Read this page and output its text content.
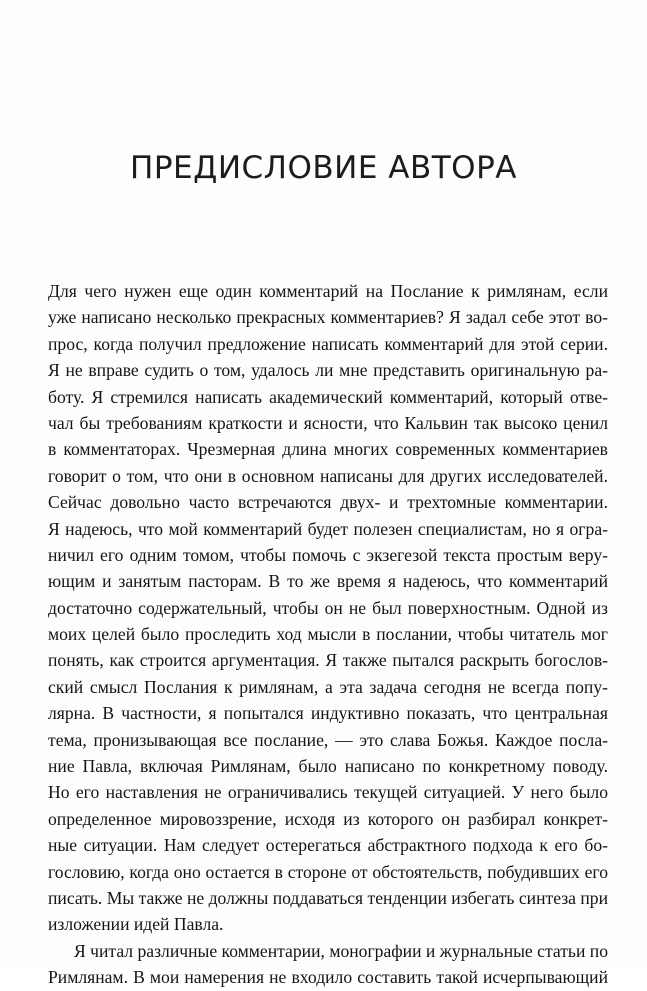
ПРЕДИСЛОВИЕ АВТОРА
Для чего нужен еще один комментарий на Послание к римлянам, если
уже написано несколько прекрасных комментариев? Я задал себе этот во-
прос, когда получил предложение написать комментарий для этой серии.
Я не вправе судить о том, удалось ли мне представить оригинальную ра-
боту. Я стремился написать академический комментарий, который отве-
чал бы требованиям краткости и ясности, что Кальвин так высоко ценил
в комментаторах. Чрезмерная длина многих современных комментариев
говорит о том, что они в основном написаны для других исследователей.
Сейчас довольно часто встречаются двух- и трехтомные комментарии.
Я надеюсь, что мой комментарий будет полезен специалистам, но я огра-
ничил его одним томом, чтобы помочь с экзегезой текста простым веру-
ющим и занятым пасторам. В то же время я надеюсь, что комментарий
достаточно содержательный, чтобы он не был поверхностным. Одной из
моих целей было проследить ход мысли в послании, чтобы читатель мог
понять, как строится аргументация. Я также пытался раскрыть богослов-
ский смысл Послания к римлянам, а эта задача сегодня не всегда попу-
лярна. В частности, я попытался индуктивно показать, что центральная
тема, пронизывающая все послание, — это слава Божья. Каждое посла-
ние Павла, включая Римлянам, было написано по конкретному поводу.
Но его наставления не ограничивались текущей ситуацией. У него было
определенное мировоззрение, исходя из которого он разбирал конкрет-
ные ситуации. Нам следует остерегаться абстрактного подхода к его бо-
гословию, когда оно остается в стороне от обстоятельств, побудивших его
писать. Мы также не должны поддаваться тенденции избегать синтеза при
изложении идей Павла.
Я читал различные комментарии, монографии и журнальные статьи по
Римлянам. В мои намерения не входило составить такой исчерпывающий
